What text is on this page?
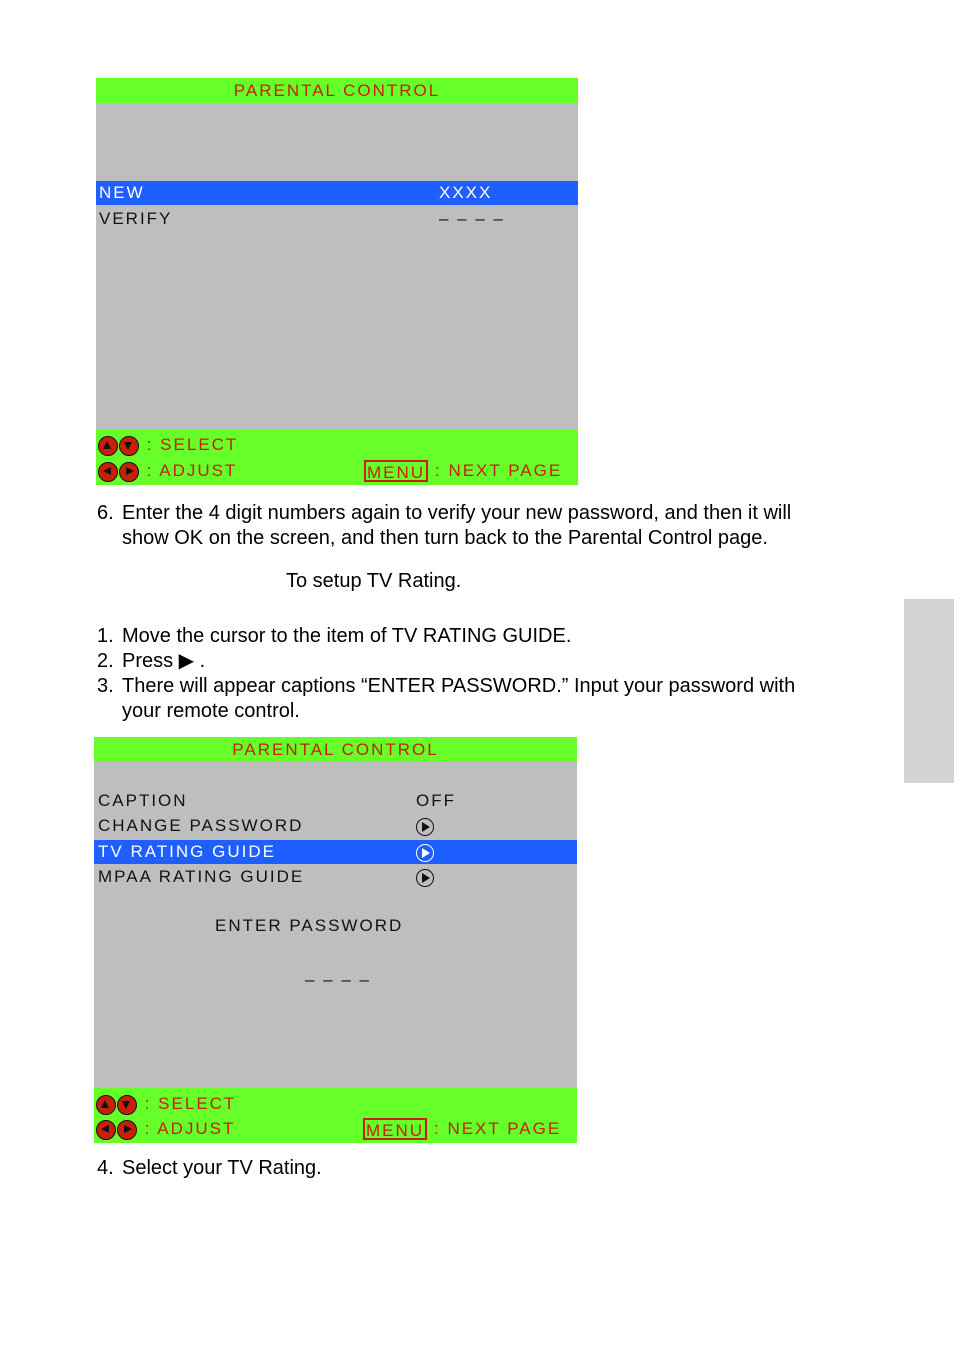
PARENTAL CONTROL
NEW	XXXX
VERIFY	– – – –
: SELECT
: ADJUST	MENU : NEXT PAGE
6. Enter the 4 digit numbers again to verify your new password, and then it will
show OK on the screen, and then turn back to the Parental Control page.
To setup TV Rating.
1. Move the cursor to the item of TV RATING GUIDE.
2. Press ▶ .
3. There will appear captions “ENTER PASSWORD.” Input your password with
your remote control.
PARENTAL CONTROL
CAPTION	OFF
CHANGE PASSWORD
TV RATING GUIDE
MPAA RATING GUIDE
ENTER PASSWORD
– – – –
: SELECT
: ADJUST	MENU : NEXT PAGE
4. Select your TV Rating.
